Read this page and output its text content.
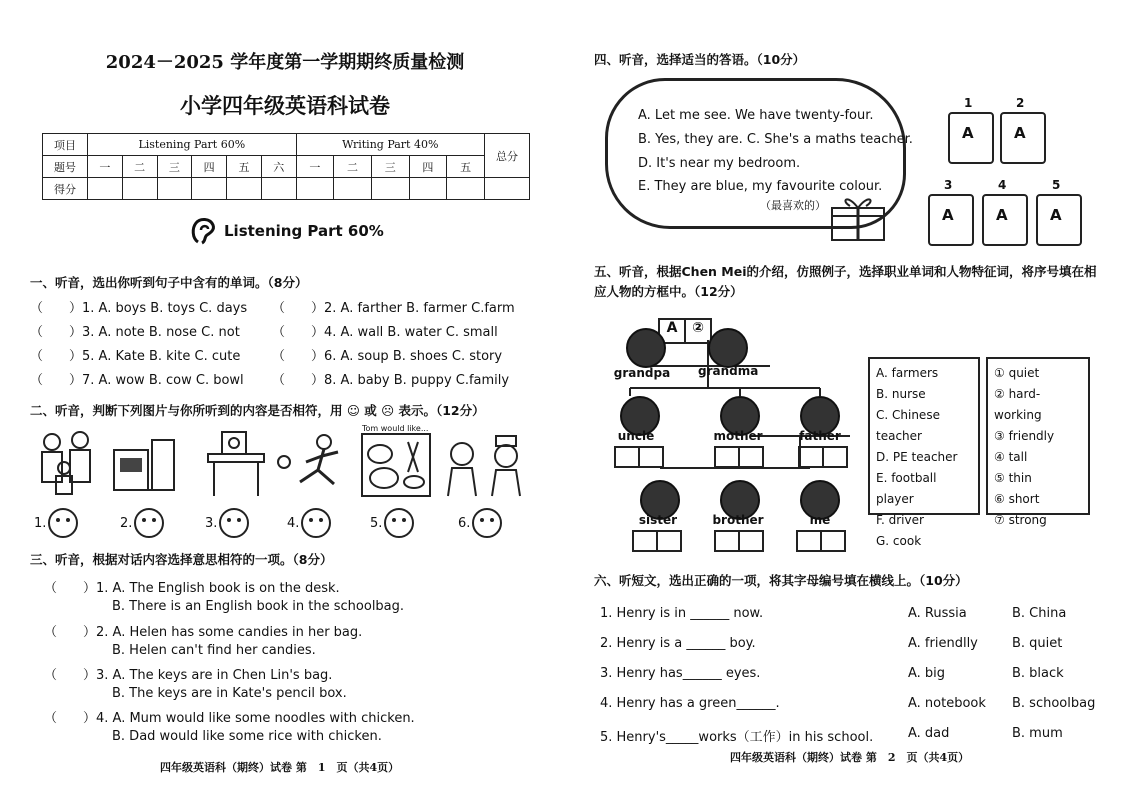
2024－2025 学年度第一学期期终质量检测
小学四年级英语科试卷
项目	Listening Part 60%						Writing Part 40%					总分
题号	一	二	三	四	五	六	一	二	三	四	五	
得分												
Listening Part 60%
一、听音，选出你听到句子中含有的单词。（8分）
（　　）1. A. boys B. toys C. days （　　）2. A. farther B. farmer C.farm
（　　）3. A. note B. nose C. not （　　）4. A. wall B. water C. small
（　　）5. A. Kate B. kite C. cute （　　）6. A. soup B. shoes C. story
（　　）7. A. wow B. cow C. bowl （　　）8. A. baby B. puppy C.family
二、听音，判断下列图片与你所听到的内容是否相符，用 ☺ 或 ☹ 表示。（12分）
Tom would like...
1.	2.	3.	4.	5.	6.
三、听音，根据对话内容选择意思相符的一项。（8分）
（　　）1. A. The English book is on the desk.
B. There is an English book in the schoolbag.
（　　）2. A. Helen has some candies in her bag.
B. Helen can't find her candies.
（　　）3. A. The keys are in Chen Lin's bag.
B. The keys are in Kate's pencil box.
（　　）4. A. Mum would like some noodles with chicken.
B. Dad would like some rice with chicken.
四年级英语科（期终）试卷 第　1　页（共4页）
四、听音，选择适当的答语。（10分）
A. Let me see. We have twenty-four.
B. Yes, they are. C. She's a maths teacher.
D. It's near my bedroom.
E. They are blue, my favourite colour.
（最喜欢的）
1
A
2
A
3
A
4
A
5
A
五、听音，根据Chen Mei的介绍，仿照例子，选择职业单词和人物特征词，将序号填在相应人物的方框中。（12分）
A	②
grandpa grandma
uncle	mother	father
sister	brother	me
A. farmers
B. nurse
C. Chinese teacher
D. PE teacher
E. football player
F. driver
G. cook
① quiet
② hard-working
③ friendly
④ tall
⑤ thin
⑥ short
⑦ strong
六、听短文，选出正确的一项，将其字母编号填在横线上。（10分）
1. Henry is in ______ now.	A. Russia	B. China
2. Henry is a ______ boy.	A. friendlly	B. quiet
3. Henry has______ eyes.	A. big	B. black
4. Henry has a green______.	A. notebook B. schoolbag
5. Henry's_____works（工作）in his school.	A. dad	B. mum
四年级英语科（期终）试卷 第　2　页（共4页）
